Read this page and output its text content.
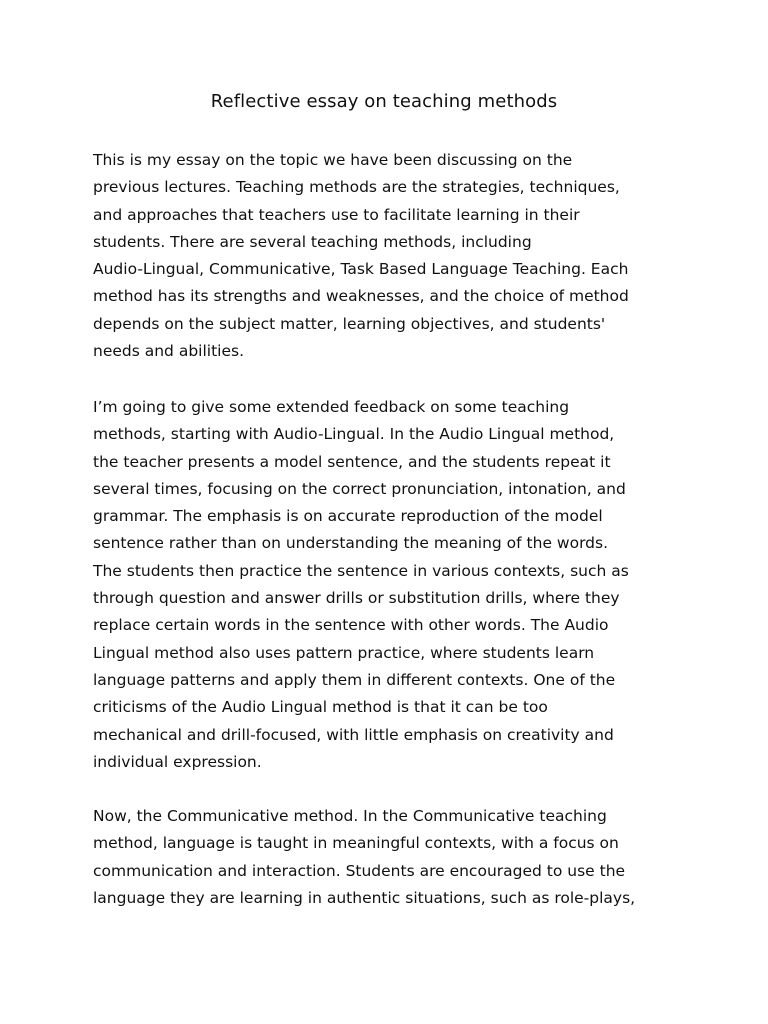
Reflective essay on teaching methods

This is my essay on the topic we have been discussing on the
previous lectures. Teaching methods are the strategies, techniques,
and approaches that teachers use to facilitate learning in their
students. There are several teaching methods, including
Audio-Lingual, Communicative, Task Based Language Teaching. Each
method has its strengths and weaknesses, and the choice of method
depends on the subject matter, learning objectives, and students'
needs and abilities.

I’m going to give some extended feedback on some teaching
methods, starting with Audio-Lingual. In the Audio Lingual method,
the teacher presents a model sentence, and the students repeat it
several times, focusing on the correct pronunciation, intonation, and
grammar. The emphasis is on accurate reproduction of the model
sentence rather than on understanding the meaning of the words.
The students then practice the sentence in various contexts, such as
through question and answer drills or substitution drills, where they
replace certain words in the sentence with other words. The Audio
Lingual method also uses pattern practice, where students learn
language patterns and apply them in different contexts. One of the
criticisms of the Audio Lingual method is that it can be too
mechanical and drill-focused, with little emphasis on creativity and
individual expression.

Now, the Communicative method. In the Communicative teaching
method, language is taught in meaningful contexts, with a focus on
communication and interaction. Students are encouraged to use the
language they are learning in authentic situations, such as role-plays,
